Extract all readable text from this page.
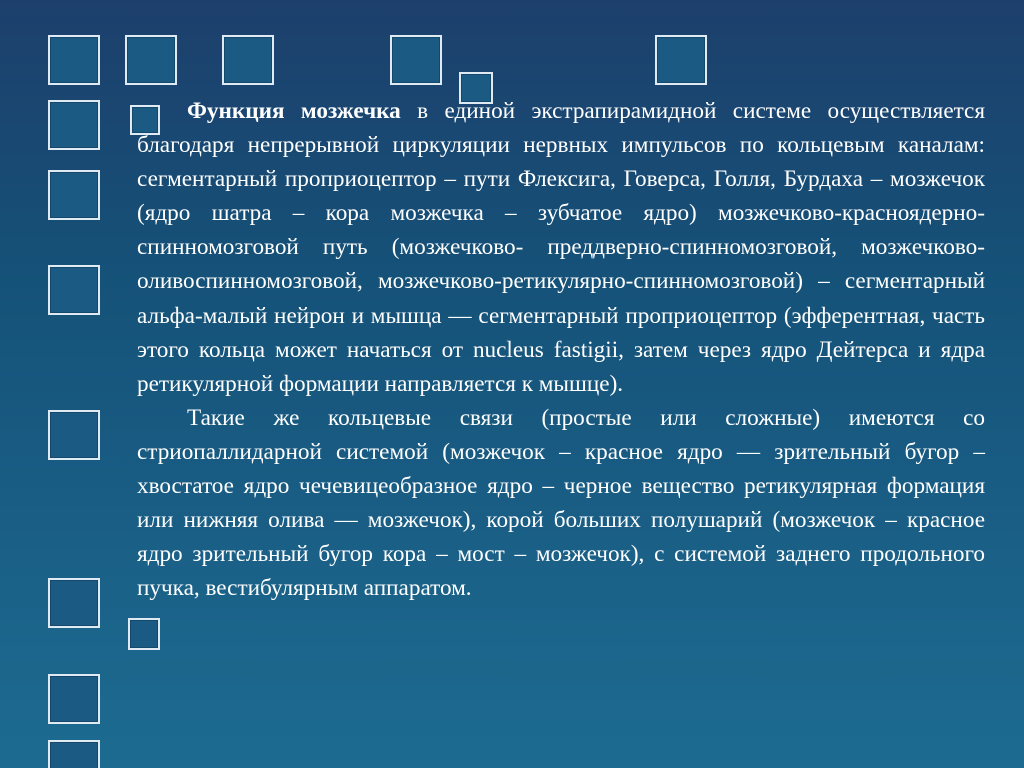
Функция мозжечка в единой экстрапирамидной системе осуществляется благодаря непрерывной циркуляции нервных импульсов по кольцевым каналам: сегментарный проприоцептор – пути Флексига, Говерса, Голля, Бурдаха – мозжечок (ядро шатра – кора мозжечка – зубчатое ядро) мозжечково-красноядерно-спинномозговой путь (мозжечково- преддверно-спинномозговой, мозжечково-оливоспинномозговой, мозжечково-ретикулярно-спинномозговой) – сегментарный альфа-малый нейрон и мышца — сегментарный проприоцептор (эфферентная, часть этого кольца может начаться от nucleus fastigii, затем через ядро Дейтерса и ядра ретикулярной формации направляется к мышце).

Такие же кольцевые связи (простые или сложные) имеются со стриопаллидарной системой (мозжечок – красное ядро — зрительный бугор – хвостатое ядро чечевицеобразное ядро – черное вещество ретикулярная формация или нижняя олива — мозжечок), корой больших полушарий (мозжечок – красное ядро зрительный бугор кора – мост – мозжечок), с системой заднего продольного пучка, вестибулярным аппаратом.
